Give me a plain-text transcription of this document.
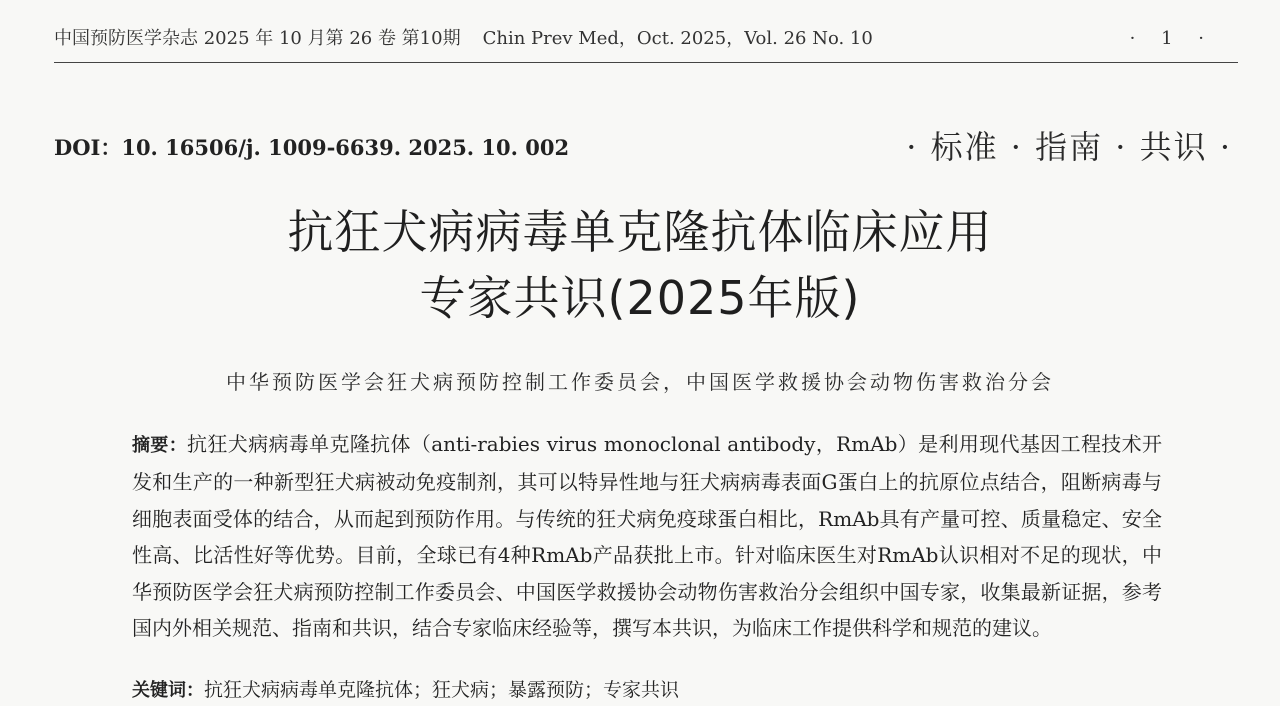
中国预防医学杂志 2025 年 10 月第 26 卷 第10期 Chin Prev Med，Oct. 2025，Vol. 26 No. 10	· 1 ·
DOI：10. 16506/j. 1009-6639. 2025. 10. 002	· 标准 · 指南 · 共识 ·
抗狂犬病病毒单克隆抗体临床应用
专家共识(2025年版)
中华预防医学会狂犬病预防控制工作委员会，中国医学救援协会动物伤害救治分会
摘要：抗狂犬病病毒单克隆抗体（anti-rabies virus monoclonal antibody，RmAb）是利用现代基因工程技术开发和生产的一种新型狂犬病被动免疫制剂，其可以特异性地与狂犬病病毒表面G蛋白上的抗原位点结合，阻断病毒与细胞表面受体的结合，从而起到预防作用。与传统的狂犬病免疫球蛋白相比，RmAb具有产量可控、质量稳定、安全性高、比活性好等优势。目前，全球已有4种RmAb产品获批上市。针对临床医生对RmAb认识相对不足的现状，中华预防医学会狂犬病预防控制工作委员会、中国医学救援协会动物伤害救治分会组织中国专家，收集最新证据，参考国内外相关规范、指南和共识，结合专家临床经验等，撰写本共识，为临床工作提供科学和规范的建议。
关键词：抗狂犬病病毒单克隆抗体；狂犬病；暴露预防；专家共识
